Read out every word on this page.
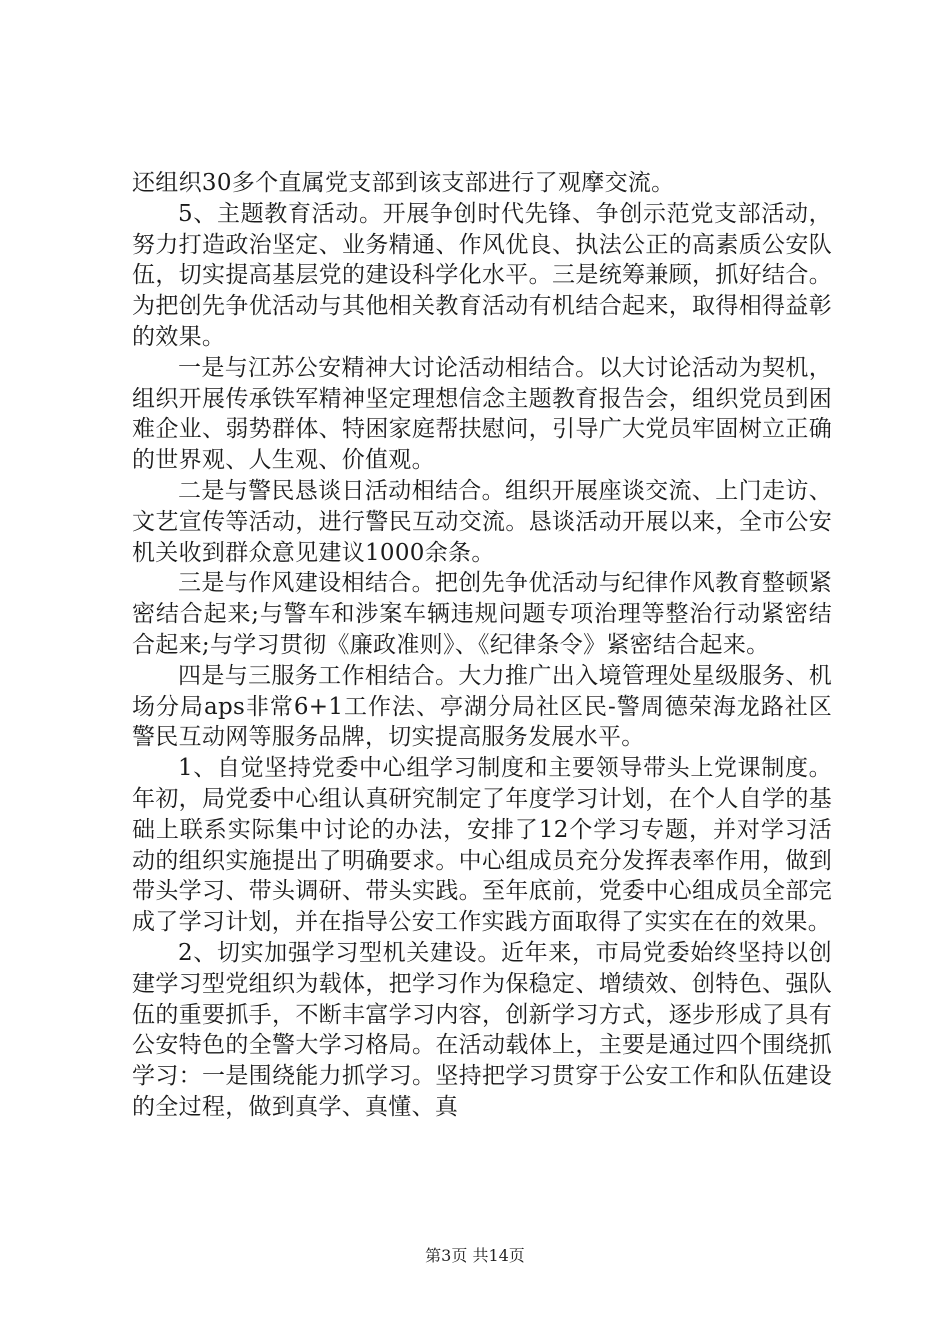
还组织30多个直属党支部到该支部进行了观摩交流。

5、主题教育活动。开展争创时代先锋、争创示范党支部活动，努力打造政治坚定、业务精通、作风优良、执法公正的高素质公安队伍，切实提高基层党的建设科学化水平。三是统筹兼顾，抓好结合。为把创先争优活动与其他相关教育活动有机结合起来，取得相得益彰的效果。

一是与江苏公安精神大讨论活动相结合。以大讨论活动为契机，组织开展传承铁军精神坚定理想信念主题教育报告会，组织党员到困难企业、弱势群体、特困家庭帮扶慰问，引导广大党员牢固树立正确的世界观、人生观、价值观。

二是与警民恳谈日活动相结合。组织开展座谈交流、上门走访、文艺宣传等活动，进行警民互动交流。恳谈活动开展以来，全市公安机关收到群众意见建议1000余条。

三是与作风建设相结合。把创先争优活动与纪律作风教育整顿紧密结合起来;与警车和涉案车辆违规问题专项治理等整治行动紧密结合起来;与学习贯彻《廉政准则》、《纪律条令》紧密结合起来。

四是与三服务工作相结合。大力推广出入境管理处星级服务、机场分局aps非常6+1工作法、亭湖分局社区民-警周德荣海龙路社区警民互动网等服务品牌，切实提高服务发展水平。

1、自觉坚持党委中心组学习制度和主要领导带头上党课制度。年初，局党委中心组认真研究制定了年度学习计划，在个人自学的基础上联系实际集中讨论的办法，安排了12个学习专题，并对学习活动的组织实施提出了明确要求。中心组成员充分发挥表率作用，做到带头学习、带头调研、带头实践。至年底前，党委中心组成员全部完成了学习计划，并在指导公安工作实践方面取得了实实在在的效果。

2、切实加强学习型机关建设。近年来，市局党委始终坚持以创建学习型党组织为载体，把学习作为保稳定、增绩效、创特色、强队伍的重要抓手，不断丰富学习内容，创新学习方式，逐步形成了具有公安特色的全警大学习格局。在活动载体上，主要是通过四个围绕抓学习：一是围绕能力抓学习。坚持把学习贯穿于公安工作和队伍建设的全过程，做到真学、真懂、真

第3页 共14页
